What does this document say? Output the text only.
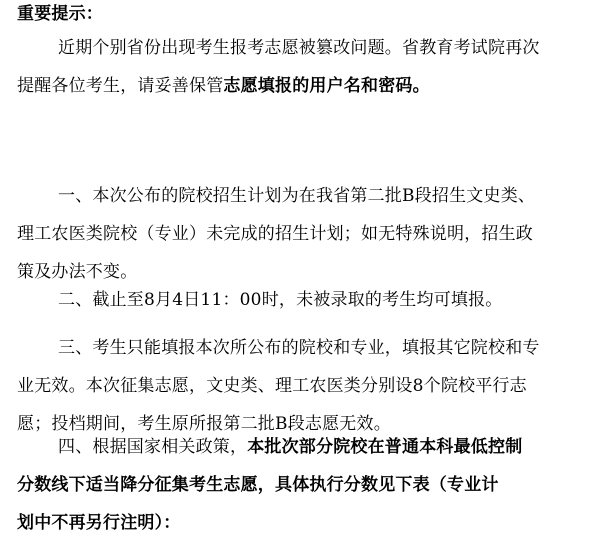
重要提示：
近期个别省份出现考生报考志愿被篡改问题。省教育考试院再次
提醒各位考生，请妥善保管志愿填报的用户名和密码。
一、本次公布的院校招生计划为在我省第二批B段招生文史类、
理工农医类院校（专业）未完成的招生计划；如无特殊说明，招生政
策及办法不变。
二、截止至8月4日11：00时，未被录取的考生均可填报。
三、考生只能填报本次所公布的院校和专业，填报其它院校和专
业无效。本次征集志愿，文史类、理工农医类分别设8个院校平行志
愿；投档期间，考生原所报第二批B段志愿无效。
四、根据国家相关政策，本批次部分院校在普通本科最低控制
分数线下适当降分征集考生志愿，具体执行分数见下表（专业计
划中不再另行注明）：
